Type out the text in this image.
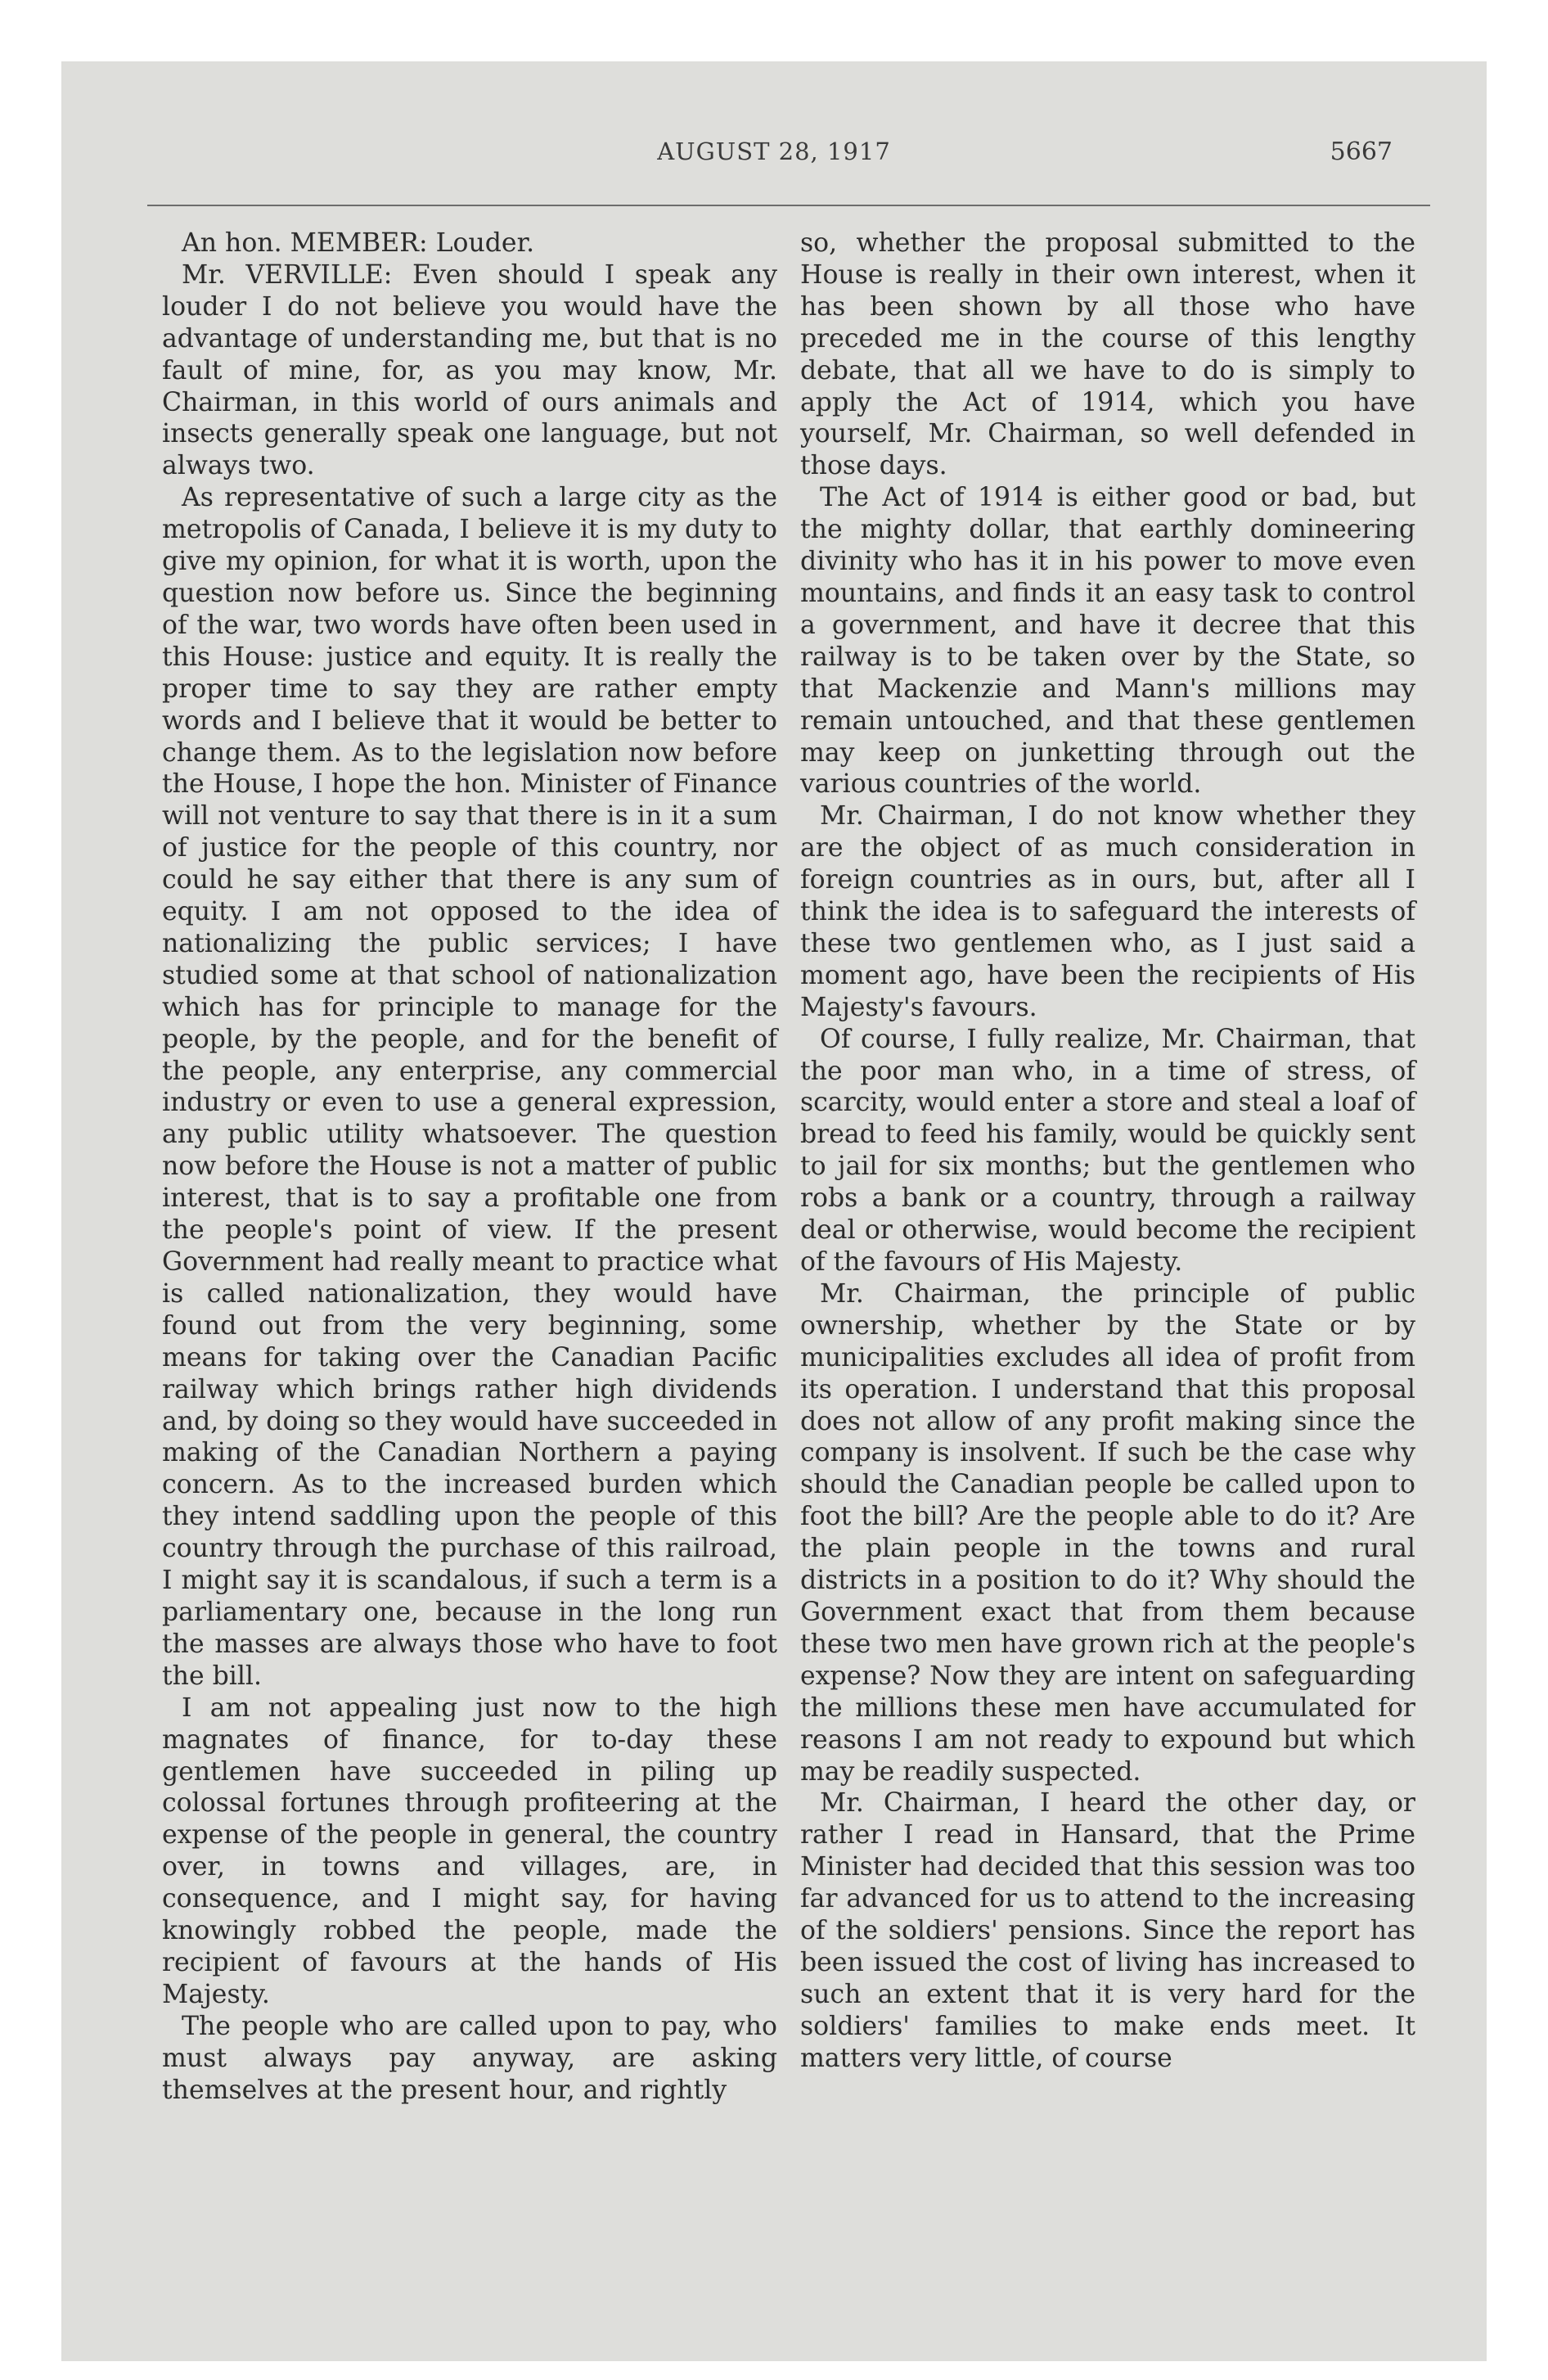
AUGUST 28, 1917	5667

An hon. MEMBER: Louder.

Mr. VERVILLE: Even should I speak any louder I do not believe you would have the advantage of understanding me, but that is no fault of mine, for, as you may know, Mr. Chairman, in this world of ours animals and insects generally speak one language, but not always two.

As representative of such a large city as the metropolis of Canada, I believe it is my duty to give my opinion, for what it is worth, upon the question now before us. Since the beginning of the war, two words have often been used in this House: justice and equity. It is really the proper time to say they are rather empty words and I believe that it would be better to change them. As to the legislation now before the House, I hope the hon. Minister of Finance will not venture to say that there is in it a sum of justice for the people of this country, nor could he say either that there is any sum of equity. I am not opposed to the idea of nationalizing the public services; I have studied some at that school of nationalization which has for principle to manage for the people, by the people, and for the benefit of the people, any enterprise, any commercial industry or even to use a general expression, any public utility whatsoever. The question now before the House is not a matter of public interest, that is to say a profitable one from the people's point of view. If the present Government had really meant to practice what is called nationalization, they would have found out from the very beginning, some means for taking over the Canadian Pacific railway which brings rather high dividends and, by doing so they would have succeeded in making of the Canadian Northern a paying concern. As to the increased burden which they intend saddling upon the people of this country through the purchase of this railroad, I might say it is scandalous, if such a term is a parliamentary one, because in the long run the masses are always those who have to foot the bill.

I am not appealing just now to the high magnates of finance, for to-day these gentlemen have succeeded in piling up colossal fortunes through profiteering at the expense of the people in general, the country over, in towns and villages, are, in consequence, and I might say, for having knowingly robbed the people, made the recipient of favours at the hands of His Majesty.

The people who are called upon to pay, who must always pay anyway, are asking themselves at the present hour, and rightly

so, whether the proposal submitted to the House is really in their own interest, when it has been shown by all those who have preceded me in the course of this lengthy debate, that all we have to do is simply to apply the Act of 1914, which you have yourself, Mr. Chairman, so well defended in those days.

The Act of 1914 is either good or bad, but the mighty dollar, that earthly domineering divinity who has it in his power to move even mountains, and finds it an easy task to control a government, and have it decree that this railway is to be taken over by the State, so that Mackenzie and Mann's millions may remain untouched, and that these gentlemen may keep on junketting through out the various countries of the world.

Mr. Chairman, I do not know whether they are the object of as much consideration in foreign countries as in ours, but, after all I think the idea is to safeguard the interests of these two gentlemen who, as I just said a moment ago, have been the recipients of His Majesty's favours.

Of course, I fully realize, Mr. Chairman, that the poor man who, in a time of stress, of scarcity, would enter a store and steal a loaf of bread to feed his family, would be quickly sent to jail for six months; but the gentlemen who robs a bank or a country, through a railway deal or otherwise, would become the recipient of the favours of His Majesty.

Mr. Chairman, the principle of public ownership, whether by the State or by municipalities excludes all idea of profit from its operation. I understand that this proposal does not allow of any profit making since the company is insolvent. If such be the case why should the Canadian people be called upon to foot the bill? Are the people able to do it? Are the plain people in the towns and rural districts in a position to do it? Why should the Government exact that from them because these two men have grown rich at the people's expense? Now they are intent on safeguarding the millions these men have accumulated for reasons I am not ready to expound but which may be readily suspected.

Mr. Chairman, I heard the other day, or rather I read in Hansard, that the Prime Minister had decided that this session was too far advanced for us to attend to the increasing of the soldiers' pensions. Since the report has been issued the cost of living has increased to such an extent that it is very hard for the soldiers' families to make ends meet. It matters very little, of course
